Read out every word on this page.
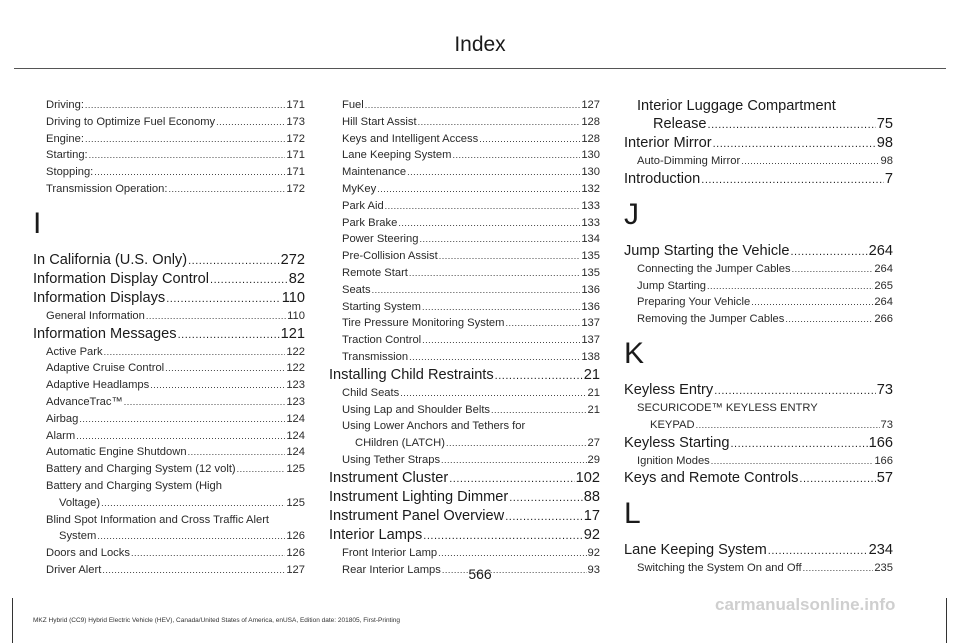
Index
Driving: .....	171
Driving to Optimize Fuel Economy .....	173
Engine: .....	172
Starting: .....	171
Stopping: .....	171
Transmission Operation: .....	172
I
In California (U.S. Only) .....	272
Information Display Control .....	82
Information Displays .....	110
General Information .....	110
Information Messages .....	121
Active Park .....	122
Adaptive Cruise Control .....	122
Adaptive Headlamps .....	123
AdvanceTrac™ .....	123
Airbag .....	124
Alarm .....	124
Automatic Engine Shutdown .....	124
Battery and Charging System (12 volt) .....	125
Battery and Charging System (High
Voltage) .....	125
Blind Spot Information and Cross Traffic Alert
System .....	126
Doors and Locks .....	126
Driver Alert .....	127
Fuel .....	127
Hill Start Assist .....	128
Keys and Intelligent Access .....	128
Lane Keeping System .....	130
Maintenance .....	130
MyKey .....	132
Park Aid .....	133
Park Brake .....	133
Power Steering .....	134
Pre-Collision Assist .....	135
Remote Start .....	135
Seats .....	136
Starting System .....	136
Tire Pressure Monitoring System .....	137
Traction Control .....	137
Transmission .....	138
Installing Child Restraints .....	21
Child Seats .....	21
Using Lap and Shoulder Belts .....	21
Using Lower Anchors and Tethers for
CHildren (LATCH) .....	27
Using Tether Straps .....	29
Instrument Cluster .....	102
Instrument Lighting Dimmer .....	88
Instrument Panel Overview .....	17
Interior Lamps .....	92
Front Interior Lamp .....	92
Rear Interior Lamps .....	93
Interior Luggage Compartment
Release .....	75
Interior Mirror .....	98
Auto-Dimming Mirror .....	98
Introduction .....	7
J
Jump Starting the Vehicle .....	264
Connecting the Jumper Cables .....	264
Jump Starting .....	265
Preparing Your Vehicle .....	264
Removing the Jumper Cables .....	266
K
Keyless Entry .....	73
SECURICODE™ KEYLESS ENTRY
KEYPAD .....	73
Keyless Starting .....	166
Ignition Modes .....	166
Keys and Remote Controls .....	57
L
Lane Keeping System .....	234
Switching the System On and Off .....	235
566
MKZ Hybrid (CC9) Hybrid Electric Vehicle (HEV), Canada/United States of America, enUSA, Edition date: 201805, First-Printing
carmanualsonline.info
